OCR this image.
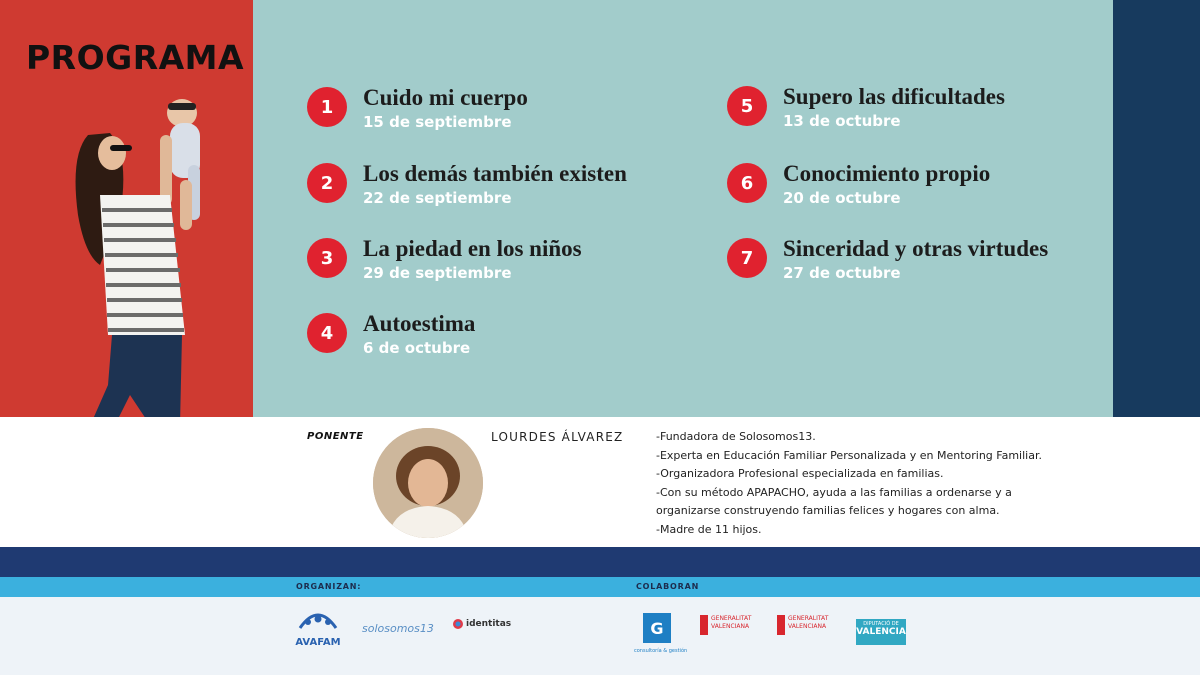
PROGRAMA
1	Cuido mi cuerpo
15 de septiembre
2	Los demás también existen
22 de septiembre
3	La piedad en los niños
29 de septiembre
4	Autoestima
6 de octubre
5	Supero las dificultades
13 de octubre
6	Conocimiento propio
20 de octubre
7	Sinceridad y otras virtudes
27 de octubre
PONENTE	LOURDES ÁLVAREZ	-Fundadora de Solosomos13.
-Experta en Educación Familiar Personalizada y en Mentoring Familiar.
-Organizadora Profesional especializada en familias.
-Con su método APAPACHO, ayuda a las familias a ordenarse y a organizarse construyendo familias felices y hogares con alma.
-Madre de 11 hijos.
ORGANIZAN:	COLABORAN
AVAFAM
solosomos13	identitas	G
consultoría & gestión
GENERALITAT VALENCIANA
GENERALITAT VALENCIANA	DIPUTACIÓ DE
VALENCIA
